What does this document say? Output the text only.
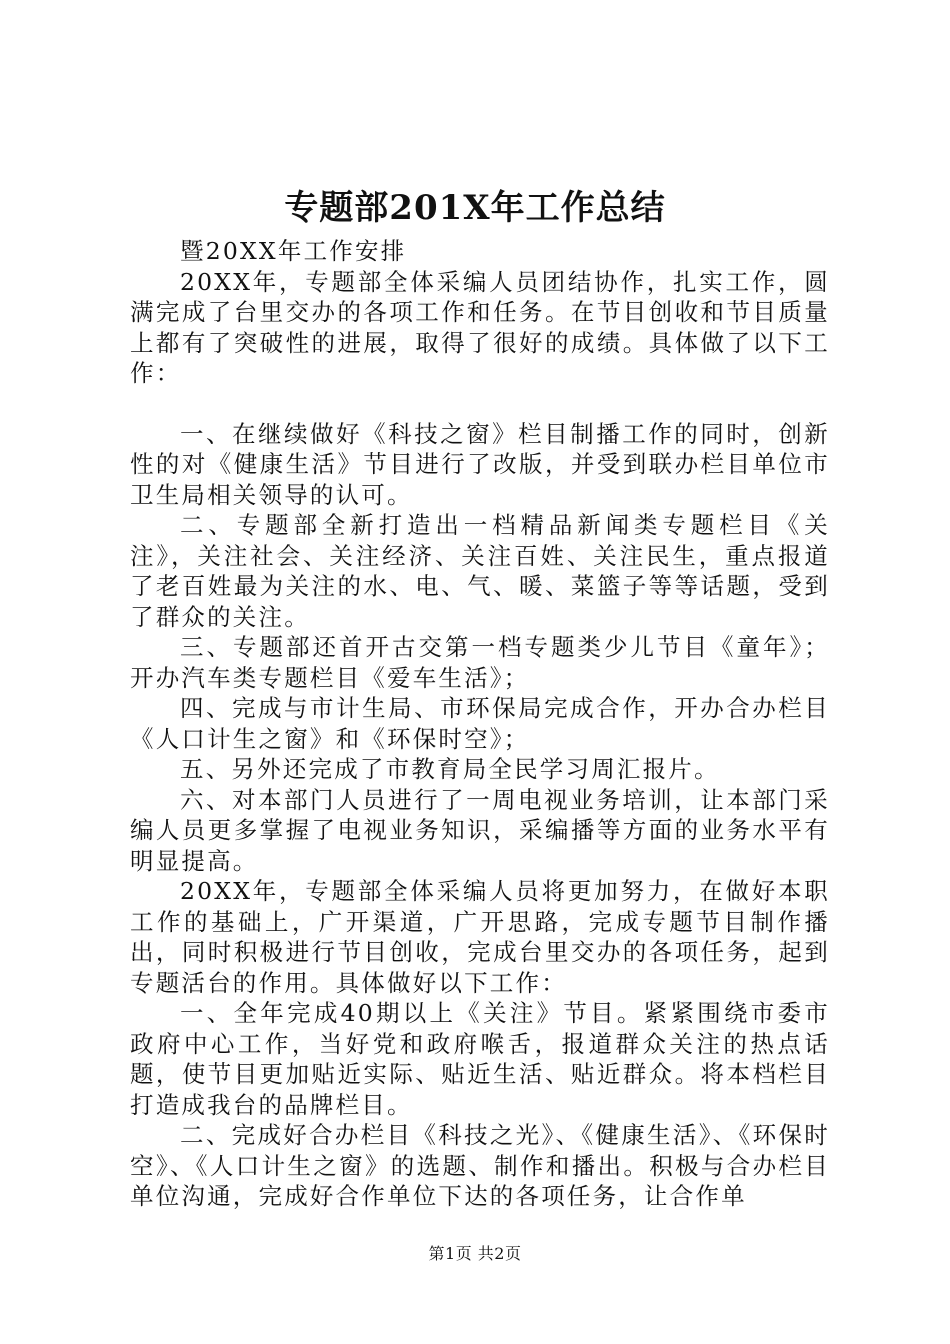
专题部201X年工作总结

暨20XX年工作安排

20XX年，专题部全体采编人员团结协作，扎实工作，圆满完成了台里交办的各项工作和任务。在节目创收和节目质量上都有了突破性的进展，取得了很好的成绩。具体做了以下工作：

一、在继续做好《科技之窗》栏目制播工作的同时，创新性的对《健康生活》节目进行了改版，并受到联办栏目单位市卫生局相关领导的认可。

二、专题部全新打造出一档精品新闻类专题栏目《关注》，关注社会、关注经济、关注百姓、关注民生，重点报道了老百姓最为关注的水、电、气、暖、菜篮子等等话题，受到了群众的关注。

三、专题部还首开古交第一档专题类少儿节目《童年》；开办汽车类专题栏目《爱车生活》；

四、完成与市计生局、市环保局完成合作，开办合办栏目《人口计生之窗》和《环保时空》；

五、另外还完成了市教育局全民学习周汇报片。

六、对本部门人员进行了一周电视业务培训，让本部门采编人员更多掌握了电视业务知识，采编播等方面的业务水平有明显提高。

20XX年，专题部全体采编人员将更加努力，在做好本职工作的基础上，广开渠道，广开思路，完成专题节目制作播出，同时积极进行节目创收，完成台里交办的各项任务，起到专题活台的作用。具体做好以下工作：

一、全年完成40期以上《关注》节目。紧紧围绕市委市政府中心工作，当好党和政府喉舌，报道群众关注的热点话题，使节目更加贴近实际、贴近生活、贴近群众。将本档栏目打造成我台的品牌栏目。

二、完成好合办栏目《科技之光》、《健康生活》、《环保时空》、《人口计生之窗》的选题、制作和播出。积极与合办栏目单位沟通，完成好合作单位下达的各项任务，让合作单

第1页 共2页
